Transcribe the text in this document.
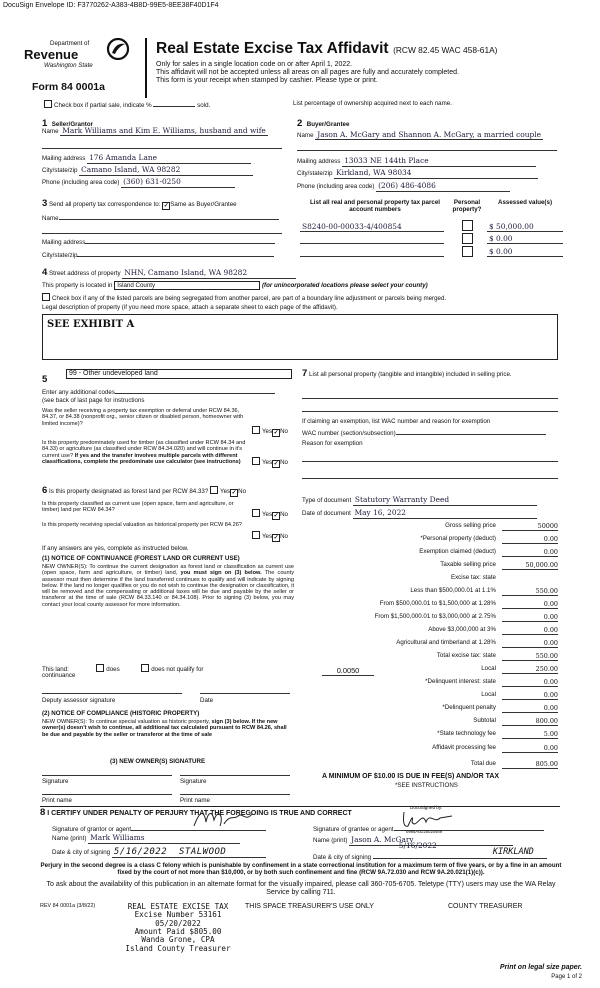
DocuSign Envelope ID: F3770262-A383-4B8D-99E5-8EE38F40D1F4
Department of
Revenue
Washington State
Form 84 0001a
Real Estate Excise Tax Affidavit (RCW 82.45 WAC 458-61A)
Only for sales in a single location code on or after April 1, 2022.
This affidavit will not be accepted unless all areas on all pages are fully and accurately completed.
This form is your receipt when stamped by cashier. Please type or print.
Check box if partial sale, indicate %	sold.	List percentage of ownership acquired next to each name.
1 Seller/Grantor
Name Mark Williams and Kim E. Williams, husband and wife
Mailing address 176 Amanda Lane
City/state/zip Camano Island, WA 98282
Phone (including area code) (360) 631-0250
2 Buyer/Grantee
Name Jason A. McGary and Shannon A. McGary, a married couple
Mailing address 13033 NE 144th Place
City/state/zip Kirkland, WA 98034
Phone (including area code) (206) 486-4086
3 Send all property tax correspondence to: ✓Same as Buyer/Grantee
Name
Mailing address
City/state/zip
List all real and personal property tax parcel account numbers
Personal property?
Assessed value(s)
S8240-00-00033-4/400854	$ 50,000.00
$ 0.00
$ 0.00
4 Street address of property NHN, Camano Island, WA 98282
This property is located in Island County	(for unincorporated locations please select your county)
Check box if any of the listed parcels are being segregated from another parcel, are part of a boundary line adjustment or parcels being merged.
Legal description of property (if you need more space, attach a separate sheet to each page of the affidavit).
SEE EXHIBIT A
5
99 - Other undeveloped land
Enter any additional codes
(see back of last page for instructions
Was the seller receiving a property tax exemption or deferral under RCW 84.36, 84.37, or 84.38 (nonprofit org., senior citizen or disabled person, homeowner with limited income)?
Yes✓No
Is this property predominately used for timber (as classified under RCW 84.34 and 84.33) or agriculture (as classified under RCW 84.34.020) and will continue in it's current use? If yes and the transfer involves multiple parcels with different classifications, complete the predominate use calculator (see instructions)	Yes✓No
6 Is this property designated as forest land per RCW 84.33? Yes✓No
Is this property classified as current use (open space, farm and agriculture, or timber) land per RCW 84.34?
Yes✓No
Is this property receiving special valuation as historical property per RCW 84.26?
Yes✓No
If any answers are yes, complete as instructed below.
(1) NOTICE OF CONTINUANCE (FOREST LAND OR CURRENT USE)
NEW OWNER(S): To continue the current designation as forest land or classification as current use (open space, farm and agriculture, or timber) land, you must sign on (3) below. The county assessor must then determine if the land transferred continues to qualify and will indicate by signing below. If the land no longer qualifies or you do not wish to continue the designation or classification, it will be removed and the compensating or additional taxes will be due and payable by the seller or transferor at the time of sale (RCW 84.33.140 or 84.34.108). Prior to signing (3) below, you may contact your local county assessor for more information.
This land:	does	does not qualify for
continuance
Deputy assessor signature	Date
(2) NOTICE OF COMPLIANCE (HISTORIC PROPERTY)
NEW OWNER(S): To continue special valuation as historic property, sign (3) below. If the new owner(s) doesn't wish to continue, all additional tax calculated pursuant to RCW 84.26, shall be due and payable by the seller or transferor at the time of sale
(3) NEW OWNER(S) SIGNATURE
Signature	Signature
Print name	Print name
7 List all personal property (tangible and intangible) included in selling price.
If claiming an exemption, list WAC number and reason for exemption
WAC number (section/subsection)
Reason for exemption
Type of document Statutory Warranty Deed
Date of document May 16, 2022
Gross selling price	50000
*Personal property (deduct)	0.00
Exemption claimed (deduct)	0.00
Taxable selling price	50,000.00
Excise tax: state
Less than $500,000.01 at 1.1%	550.00
From $500,000.01 to $1,500,000 at 1.28%	0.00
From $1,500,000.01 to $3,000,000 at 2.75%	0.00
Above $3,000,000 at 3%	0.00
Agricultural and timberland at 1.28%	0.00
Total excise tax: state	550.00
0.0050	Local	250.00
*Delinquent interest: state	0.00
Local	0.00
*Delinquent penalty	0.00
Subtotal	800.00
*State technology fee	5.00
Affidavit processing fee	0.00
Total due	805.00
A MINIMUM OF $10.00 IS DUE IN FEE(S) AND/OR TAX
*SEE INSTRUCTIONS
8 I CERTIFY UNDER PENALTY OF PERJURY THAT THE FOREGOING IS TRUE AND CORRECT
Signature of grantor or agent
Name (print) Mark Williams
Date & city of signing 5/16/2022 STALWOOD
Signature of grantee or agent
DocuSigned by:
0995A0D25020469
Name (print) Jason A. McGary
Date & city of signing
5/16/2022
KIRKLAND
Perjury in the second degree is a class C felony which is punishable by confinement in a state correctional institution for a maximum term of five years, or by a fine in an amount fixed by the court of not more than $10,000, or by both such confinement and fine (RCW 9A.72.030 and RCW 9A.20.021(1)(c)).
To ask about the availability of this publication in an alternate format for the visually impaired, please call 360-705-6705. Teletype (TTY) users may use the WA Relay Service by calling 711.
REV 84 0001a (3/8/22)	REAL ESTATE EXCISE TAX
Excise Number 53161
05/20/2022
Amount Paid $805.00
Wanda Grone, CPA
Island County Treasurer
THIS SPACE TREASURER'S USE ONLY	COUNTY TREASURER
Print on legal size paper.
Page 1 of 2
